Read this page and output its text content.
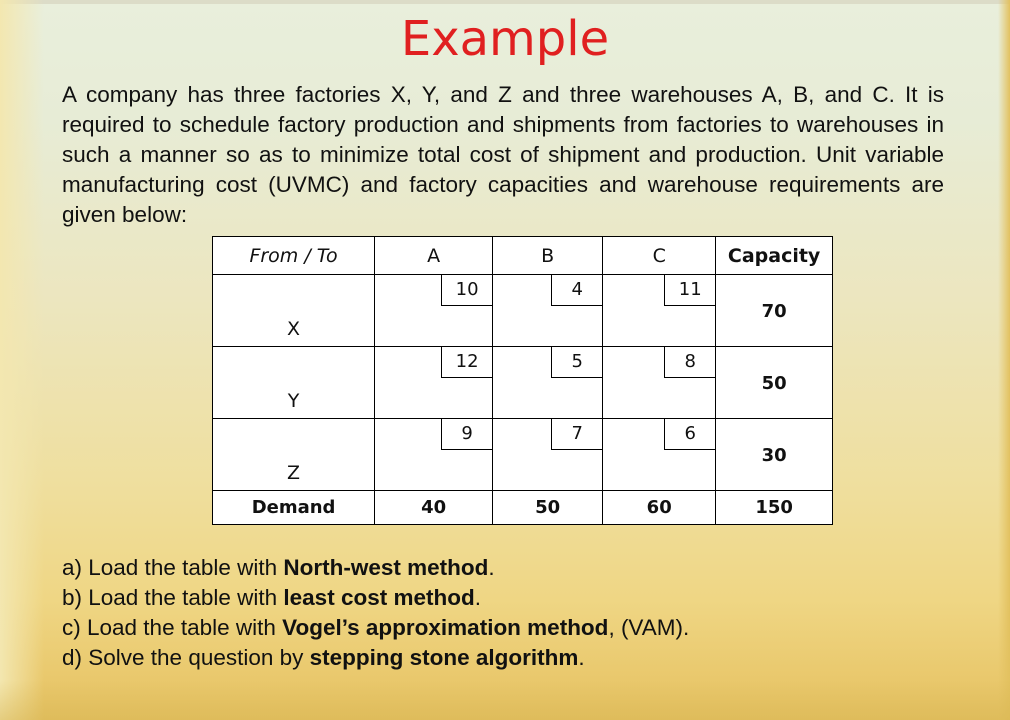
Example
A company has three factories X, Y, and Z and three warehouses A, B, and C. It is required to schedule factory production and shipments from factories to warehouses in such a manner so as to minimize total cost of shipment and production. Unit variable manufacturing cost (UVMC) and factory capacities and warehouse requirements are given below:
From / To	A	B	C	Capacity
X	10	4	11	70
Y	12	5	8	50
Z	9	7	6	30
Demand	40	50	60	150
a) Load the table with North-west method.
b) Load the table with least cost method.
c) Load the table with Vogel’s approximation method, (VAM).
d) Solve the question by stepping stone algorithm.
